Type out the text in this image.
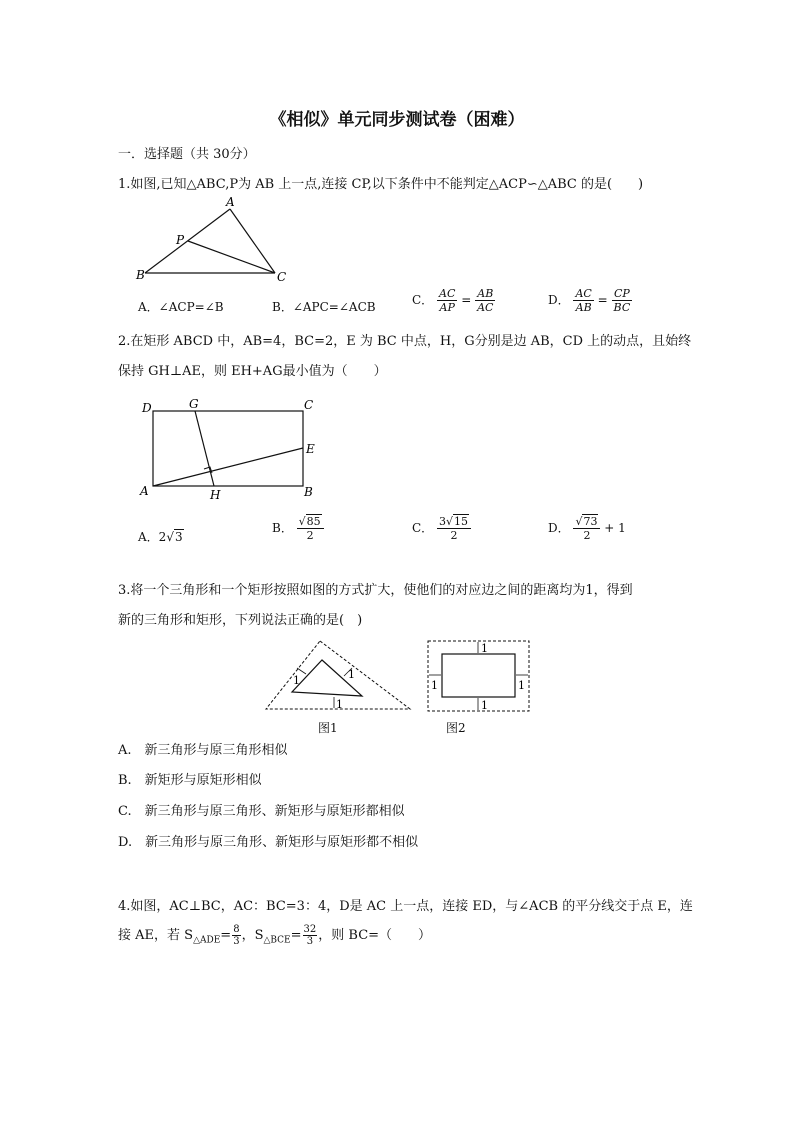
《相似》单元同步测试卷（困难）
一．选择题（共 30分）
1.如图,已知△ABC,P为 AB 上一点,连接 CP,以下条件中不能判定△ACP∽△ABC 的是(　　)
A
P
B	C
A．∠ACP=∠B	B．∠APC=∠ACB	C． $\frac{AC}{AP} = \frac{AB}{AC}$	D． $\frac{AC}{AB} = \frac{CP}{BC}$
2.在矩形 ABCD 中，AB=4，BC=2，E 为 BC 中点，H，G分别是边 AB，CD 上的动点，且始终
保持 GH⊥AE，则 EH+AG最小值为（　　）
D	G	C
E
A	H	B
A．2√3
B． $\frac{√85}{2}$	C． $\frac{3√15}{2}$	D． $\frac{√73}{2} + 1$
3.将一个三角形和一个矩形按照如图的方式扩大，使他们的对应边之间的距离均为1，得到
新的三角形和矩形，下列说法正确的是(　)
1
1	1
1
1
1	1
图1	图2
A.　新三角形与原三角形相似
B.　新矩形与原矩形相似
C.　新三角形与原三角形、新矩形与原矩形都相似
D.　新三角形与原三角形、新矩形与原矩形都不相似
4.如图，AC⊥BC，AC：BC=3：4，D是 AC 上一点，连接 ED，与∠ACB 的平分线交于点 E，连
接 AE，若 $S_{\triangle ADE}= \frac{8}{3}$ ，$S_{\triangle BCE}= \frac{32}{3}$ ，则 BC=（　　）
